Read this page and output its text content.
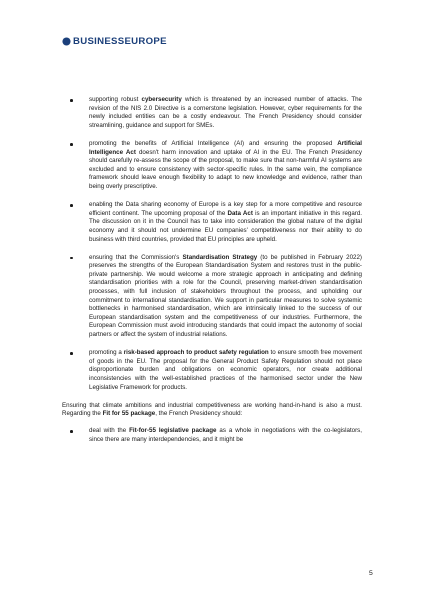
BUSINESS EUROPE
supporting robust cybersecurity which is threatened by an increased number of attacks. The revision of the NIS 2.0 Directive is a cornerstone legislation. However, cyber requirements for the newly included entities can be a costly endeavour. The French Presidency should consider streamlining, guidance and support for SMEs.
promoting the benefits of Artificial Intelligence (AI) and ensuring the proposed Artificial Intelligence Act doesn't harm innovation and uptake of AI in the EU. The French Presidency should carefully re-assess the scope of the proposal, to make sure that non-harmful AI systems are excluded and to ensure consistency with sector-specific rules. In the same vein, the compliance framework should leave enough flexibility to adapt to new knowledge and evidence, rather than being overly prescriptive.
enabling the Data sharing economy of Europe is a key step for a more competitive and resource efficient continent. The upcoming proposal of the Data Act is an important initiative in this regard. The discussion on it in the Council has to take into consideration the global nature of the digital economy and it should not undermine EU companies' competitiveness nor their ability to do business with third countries, provided that EU principles are upheld.
ensuring that the Commission's Standardisation Strategy (to be published in February 2022) preserves the strengths of the European Standardisation System and restores trust in the public-private partnership. We would welcome a more strategic approach in anticipating and defining standardisation priorities with a role for the Council, preserving market-driven standardisation processes, with full inclusion of stakeholders throughout the process, and upholding our commitment to international standardisation. We support in particular measures to solve systemic bottlenecks in harmonised standardisation, which are intrinsically linked to the success of our European standardisation system and the competitiveness of our industries. Furthermore, the European Commission must avoid introducing standards that could impact the autonomy of social partners or affect the system of industrial relations.
promoting a risk-based approach to product safety regulation to ensure smooth free movement of goods in the EU. The proposal for the General Product Safety Regulation should not place disproportionate burden and obligations on economic operators, nor create additional inconsistencies with the well-established practices of the harmonised sector under the New Legislative Framework for products.

Ensuring that climate ambitions and industrial competitiveness are working hand-in-hand is also a must. Regarding the Fit for 55 package, the French Presidency should:

deal with the Fit-for-55 legislative package as a whole in negotiations with the co-legislators, since there are many interdependencies, and it might be
5
